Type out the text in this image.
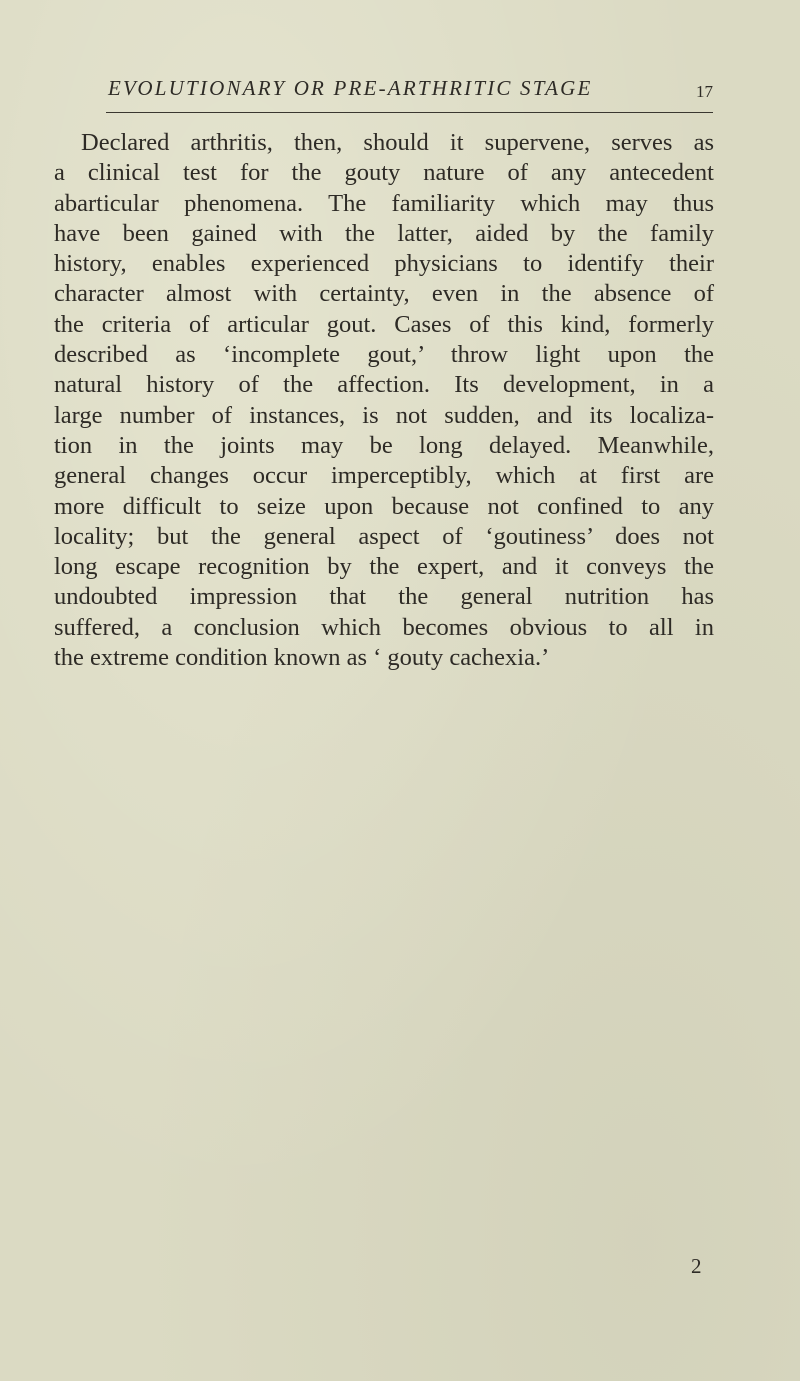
EVOLUTIONARY OR PRE-ARTHRITIC STAGE	17
Declared arthritis, then, should it supervene, serves as
a clinical test for the gouty nature of any antecedent
abarticular phenomena. The familiarity which may thus
have been gained with the latter, aided by the family
history, enables experienced physicians to identify their
character almost with certainty, even in the absence of
the criteria of articular gout. Cases of this kind, formerly
described as ‘incomplete gout,’ throw light upon the
natural history of the affection. Its development, in a
large number of instances, is not sudden, and its localiza-
tion in the joints may be long delayed. Meanwhile,
general changes occur imperceptibly, which at first are
more difficult to seize upon because not confined to any
locality; but the general aspect of ‘goutiness’ does not
long escape recognition by the expert, and it conveys the
undoubted impression that the general nutrition has
suffered, a conclusion which becomes obvious to all in
the extreme condition known as ‘ gouty cachexia.’
2
